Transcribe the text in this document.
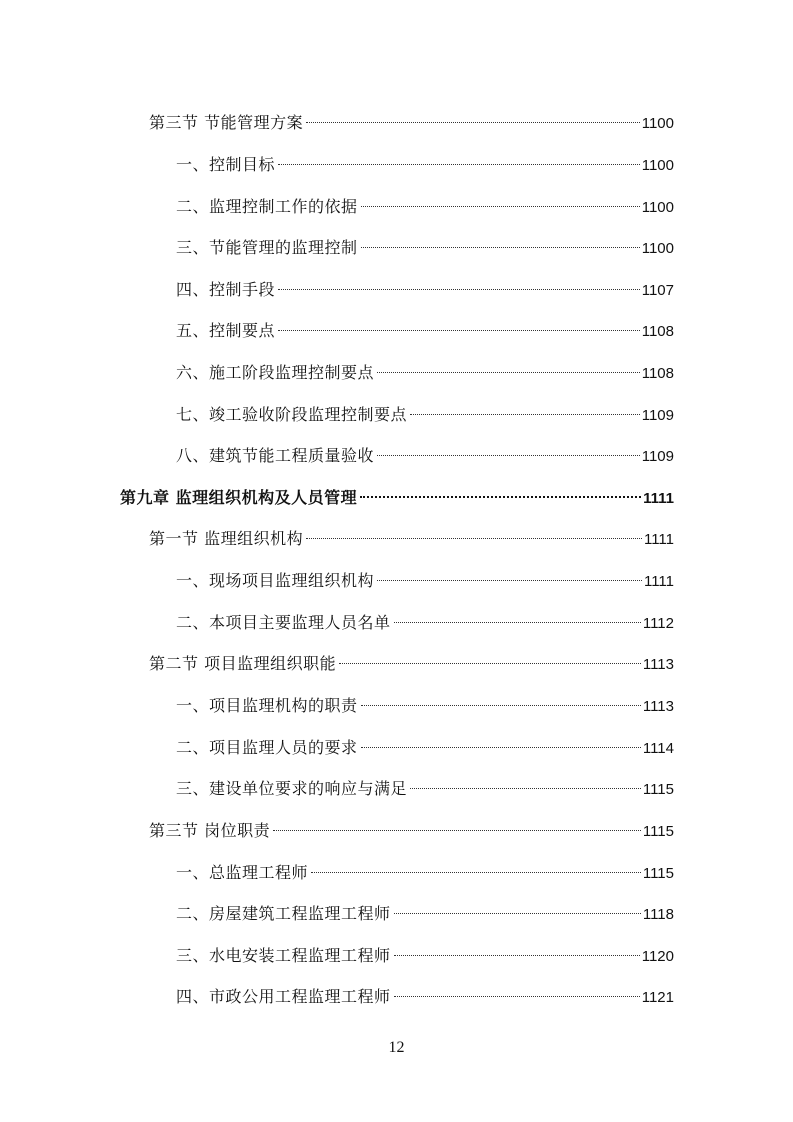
第三节 节能管理方案	1100
一、控制目标	1100
二、监理控制工作的依据	1100
三、节能管理的监理控制	1100
四、控制手段	1107
五、控制要点	1108
六、施工阶段监理控制要点	1108
七、竣工验收阶段监理控制要点	1109
八、建筑节能工程质量验收	1109
第九章 监理组织机构及人员管理	1111
第一节 监理组织机构	1111
一、现场项目监理组织机构	1111
二、本项目主要监理人员名单	1112
第二节 项目监理组织职能	1113
一、项目监理机构的职责	1113
二、项目监理人员的要求	1114
三、建设单位要求的响应与满足	1115
第三节 岗位职责	1115
一、总监理工程师	1115
二、房屋建筑工程监理工程师	1118
三、水电安装工程监理工程师	1120
四、市政公用工程监理工程师	1121
12
